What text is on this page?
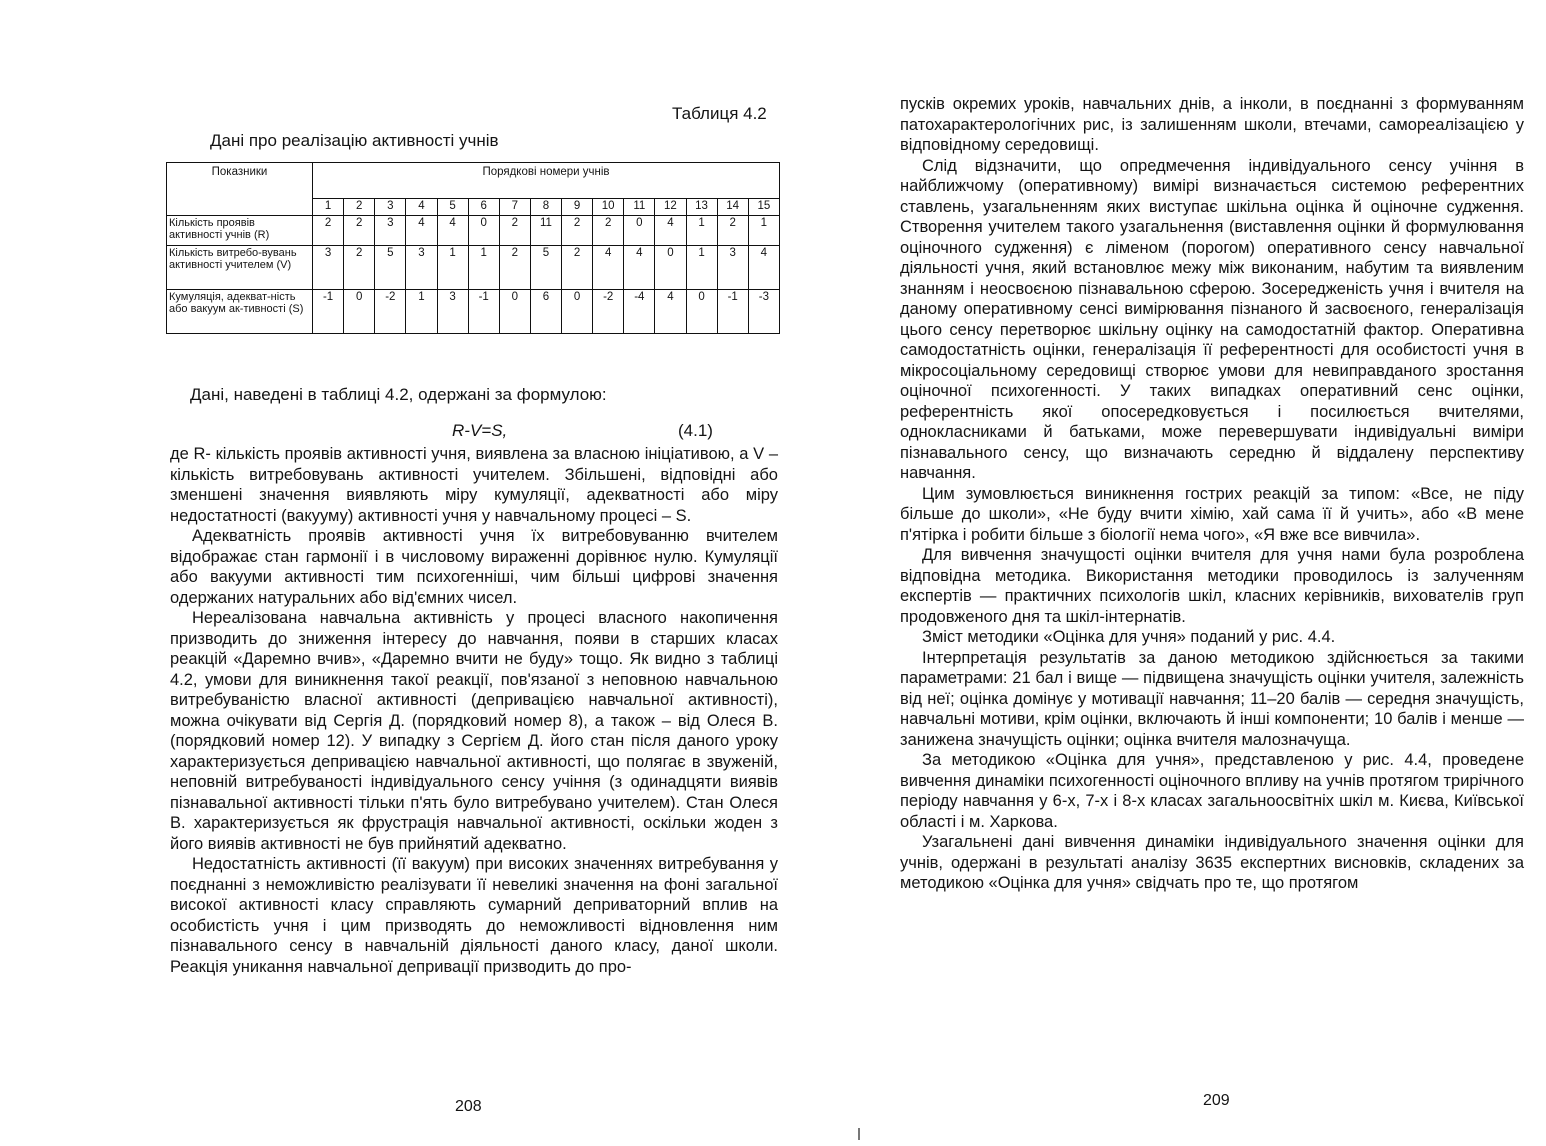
Таблиця 4.2
Дані про реалізацію активності учнів
Показники	Порядкові номери учнів														
	1	2	3	4	5	6	7	8	9	10	11	12	13	14	15
Кількість проявів активності учнів (R)	2	2	3	4	4	0	2	11	2	2	0	4	1	2	1
Кількість витребо-вувань активності учителем (V)	3	2	5	3	1	1	2	5	2	4	4	0	1	3	4
Кумуляція, адекват-ність або вакуум ак-тивності (S)	-1	0	-2	1	3	-1	0	6	0	-2	-4	4	0	-1	-3
Дані, наведені в таблиці 4.2, одержані за формулою:
R-V=S,	(4.1)

де R- кількість проявів активності учня, виявлена за власною ініціативою, а V – кількість витребовувань активності учителем. Збільшені, відповідні або зменшені значення виявляють міру кумуляції, адекватності або міру недостатності (вакууму) активності учня у навчальному процесі – S.

Адекватність проявів активності учня їх витребовуванню вчителем відображає стан гармонії і в числовому вираженні дорівнює нулю. Кумуляції або вакууми активності тим психогенніші, чим більші цифрові значення одержаних натуральних або від'ємних чисел.

Нереалізована навчальна активність у процесі власного накопичення призводить до зниження інтересу до навчання, появи в старших класах реакцій «Даремно вчив», «Даремно вчити не буду» тощо. Як видно з таблиці 4.2, умови для виникнення такої реакції, пов'язаної з неповною навчальною витребуваністю власної активності (депривацією навчальної активності), можна очікувати від Сергія Д. (порядковий номер 8), а також – від Олеся В. (порядковий номер 12). У випадку з Сергієм Д. його стан після даного уроку характеризується депривацією навчальної активності, що полягає в звуженій, неповній витребуваності індивідуального сенсу учіння (з одинадцяти виявів пізнавальної активності тільки п'ять було витребувано учителем). Стан Олеся В. характеризується як фрустрація навчальної активності, оскільки жоден з його виявів активності не був прийнятий адекватно.

Недостатність активності (її вакуум) при високих значеннях витребування у поєднанні з неможливістю реалізувати її невеликі значення на фоні загальної високої активності класу справляють сумарний деприваторний вплив на особистість учня і цим призводять до неможливості відновлення ним пізнавального сенсу в навчальній діяльності даного класу, даної школи. Реакція уникання навчальної депривації призводить до про-

208

пусків окремих уроків, навчальних днів, а інколи, в поєднанні з формуванням патохарактерологічних рис, із залишенням школи, втечами, самореалізацією у відповідному середовищі.

Слід відзначити, що опредмечення індивідуального сенсу учіння в найближчому (оперативному) вимірі визначається системою референтних ставлень, узагальненням яких виступає шкільна оцінка й оціночне судження. Створення учителем такого узагальнення (виставлення оцінки й формулювання оціночного судження) є ліменом (порогом) оперативного сенсу навчальної діяльності учня, який встановлює межу між виконаним, набутим та виявленим знанням і неосвоєною пізнавальною сферою. Зосередженість учня і вчителя на даному оперативному сенсі вимірювання пізнаного й засвоєного, генералізація цього сенсу перетворює шкільну оцінку на самодостатній фактор. Оперативна самодостатність оцінки, генералізація її референтності для особистості учня в мікросоціальному середовищі створює умови для невиправданого зростання оціночної психогенності. У таких випадках оперативний сенс оцінки, референтність якої опосередковується і посилюється вчителями, однокласниками й батьками, може перевершувати індивідуальні виміри пізнавального сенсу, що визначають середню й віддалену перспективу навчання.

Цим зумовлюється виникнення гострих реакцій за типом: «Все, не піду більше до школи», «Не буду вчити хімію, хай сама її й учить», або «В мене п'ятірка і робити більше з біології нема чого», «Я вже все вивчила».

Для вивчення значущості оцінки вчителя для учня нами була розроблена відповідна методика. Використання методики проводилось із залученням експертів — практичних психологів шкіл, класних керівників, вихователів груп продовженого дня та шкіл-інтернатів.

Зміст методики «Оцінка для учня» поданий у рис. 4.4.

Інтерпретація результатів за даною методикою здійснюється за такими параметрами: 21 бал і вище — підвищена значущість оцінки учителя, залежність від неї; оцінка домінує у мотивації навчання; 11–20 балів — середня значущість, навчальні мотиви, крім оцінки, включають й інші компоненти; 10 балів і менше — занижена значущість оцінки; оцінка вчителя малозначуща.

За методикою «Оцінка для учня», представленою у рис. 4.4, проведене вивчення динаміки психогенності оціночного впливу на учнів протягом трирічного періоду навчання у 6-х, 7-х і 8-х класах загальноосвітніх шкіл м. Києва, Київської області і м. Харкова.

Узагальнені дані вивчення динаміки індивідуального значення оцінки для учнів, одержані в результаті аналізу 3635 експертних висновків, складених за методикою «Оцінка для учня» свідчать про те, що протягом

209
